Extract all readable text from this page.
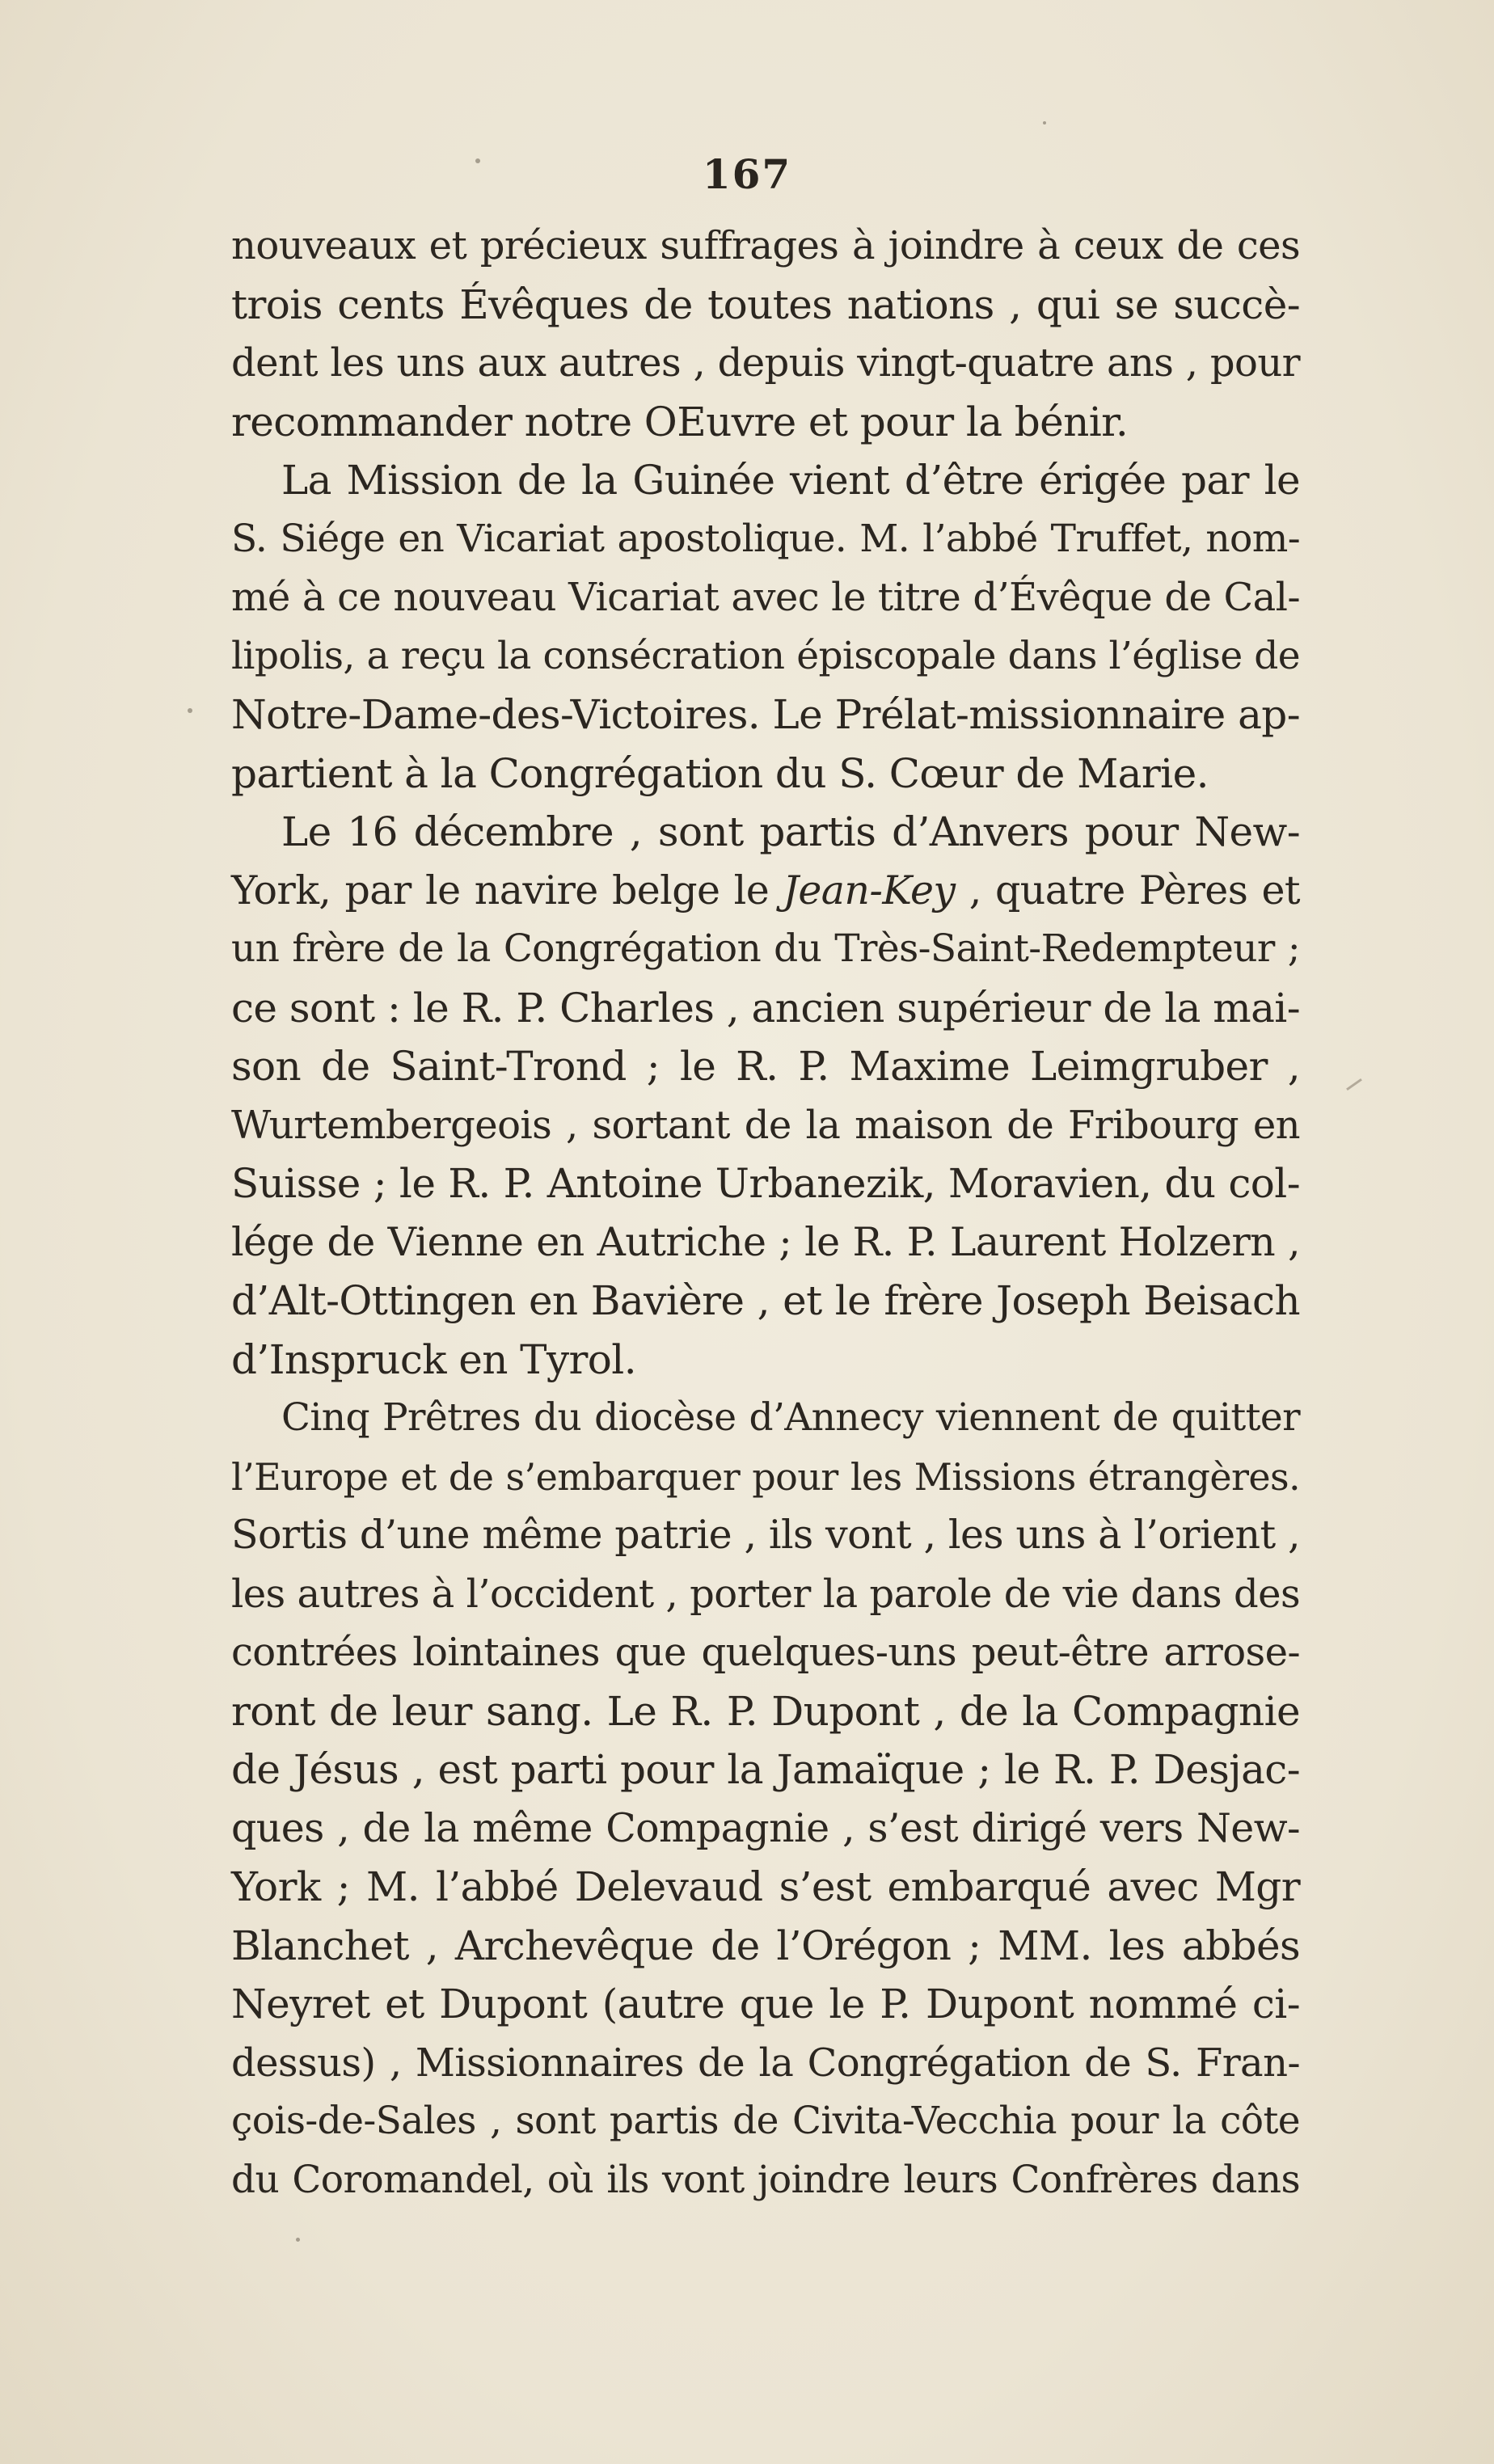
167
nouveaux et précieux suffrages à joindre à ceux de ces
trois cents Évêques de toutes nations , qui se succè-
dent les uns aux autres , depuis vingt-quatre ans , pour
recommander notre OEuvre et pour la bénir.
La Mission de la Guinée vient d’être érigée par le
S. Siége en Vicariat apostolique. M. l’abbé Truffet, nom-
mé à ce nouveau Vicariat avec le titre d’Évêque de Cal-
lipolis, a reçu la consécration épiscopale dans l’église de
Notre-Dame-des-Victoires. Le Prélat-missionnaire ap-
partient à la Congrégation du S. Cœur de Marie.
Le 16 décembre , sont partis d’Anvers pour New-
York, par le navire belge le Jean-Key , quatre Pères et
un frère de la Congrégation du Très-Saint-Redempteur ;
ce sont : le R. P. Charles , ancien supérieur de la mai-
son de Saint-Trond ; le R. P. Maxime Leimgruber ,
Wurtembergeois , sortant de la maison de Fribourg en
Suisse ; le R. P. Antoine Urbanezik, Moravien, du col-
lége de Vienne en Autriche ; le R. P. Laurent Holzern ,
d’Alt-Ottingen en Bavière , et le frère Joseph Beisach
d’Inspruck en Tyrol.
Cinq Prêtres du diocèse d’Annecy viennent de quitter
l’Europe et de s’embarquer pour les Missions étrangères.
Sortis d’une même patrie , ils vont , les uns à l’orient ,
les autres à l’occident , porter la parole de vie dans des
contrées lointaines que quelques-uns peut-être arrose-
ront de leur sang. Le R. P. Dupont , de la Compagnie
de Jésus , est parti pour la Jamaïque ; le R. P. Desjac-
ques , de la même Compagnie , s’est dirigé vers New-
York ; M. l’abbé Delevaud s’est embarqué avec Mgr
Blanchet , Archevêque de l’Orégon ; MM. les abbés
Neyret et Dupont (autre que le P. Dupont nommé ci-
dessus) , Missionnaires de la Congrégation de S. Fran-
çois-de-Sales , sont partis de Civita-Vecchia pour la côte
du Coromandel, où ils vont joindre leurs Confrères dans
